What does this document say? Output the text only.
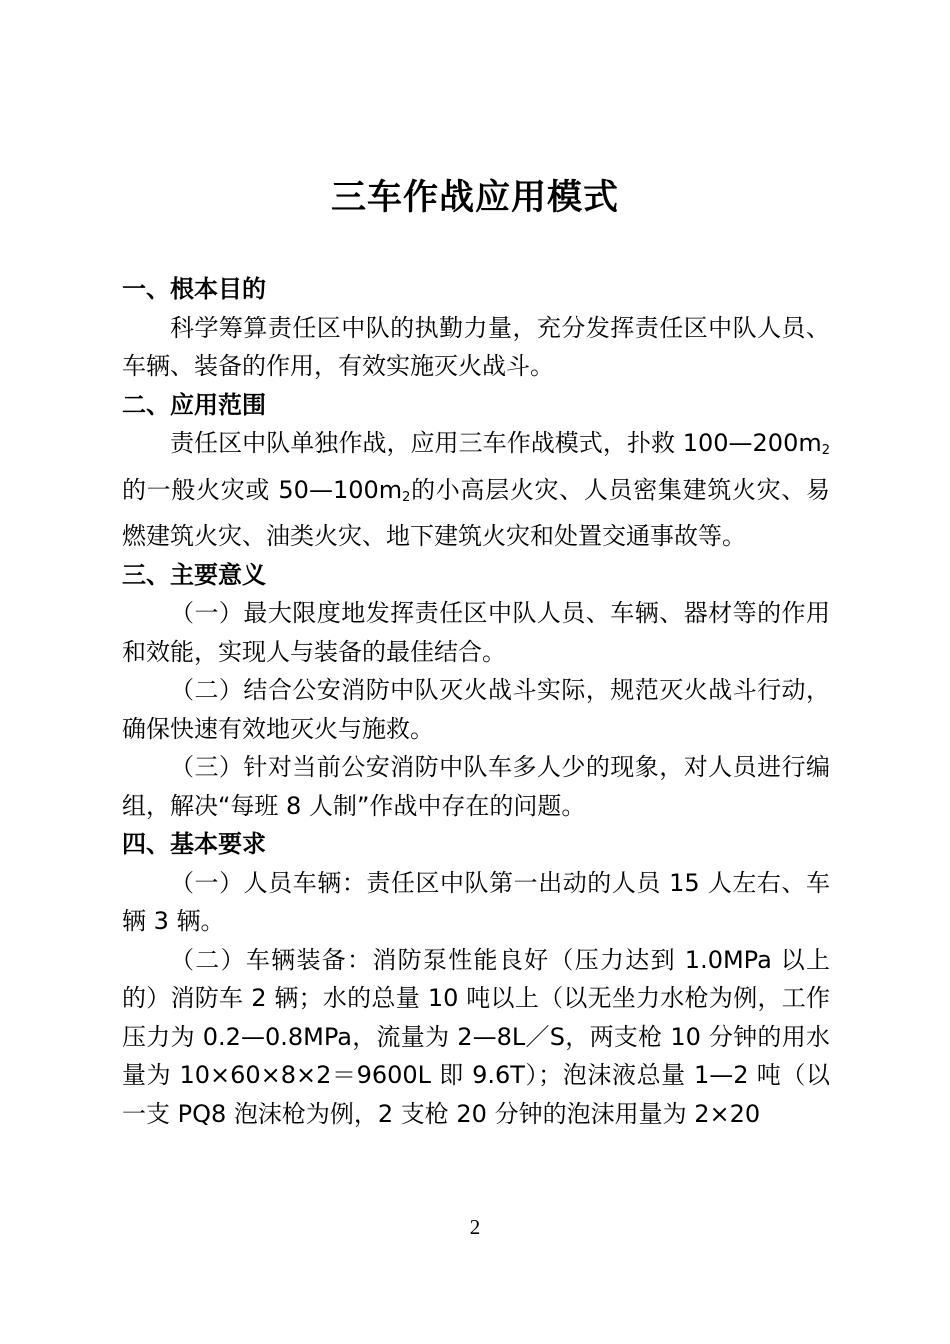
三车作战应用模式

一、根本目的

科学筹算责任区中队的执勤力量，充分发挥责任区中队人员、车辆、装备的作用，有效实施灭火战斗。

二、应用范围

责任区中队单独作战，应用三车作战模式，扑救 $100—200m_2$的一般火灾或 $50—100m_2$的小高层火灾、人员密集建筑火灾、易燃建筑火灾、油类火灾、地下建筑火灾和处置交通事故等。

三、主要意义

（一）最大限度地发挥责任区中队人员、车辆、器材等的作用和效能，实现人与装备的最佳结合。

（二）结合公安消防中队灭火战斗实际，规范灭火战斗行动，确保快速有效地灭火与施救。

（三）针对当前公安消防中队车多人少的现象，对人员进行编组，解决“每班 8 人制”作战中存在的问题。

四、基本要求

（一）人员车辆：责任区中队第一出动的人员 15 人左右、车辆 3 辆。

（二）车辆装备：消防泵性能良好（压力达到 1.0MPa 以上的）消防车 2 辆；水的总量 10 吨以上（以无坐力水枪为例，工作压力为 0.2—0.8MPa，流量为 2—8L／S，两支枪 10 分钟的用水量为 10×60×8×2＝9600L 即 9.6T）；泡沫液总量 1—2 吨（以一支 PQ8 泡沫枪为例，2 支枪 20 分钟的泡沫用量为 2×20

2
